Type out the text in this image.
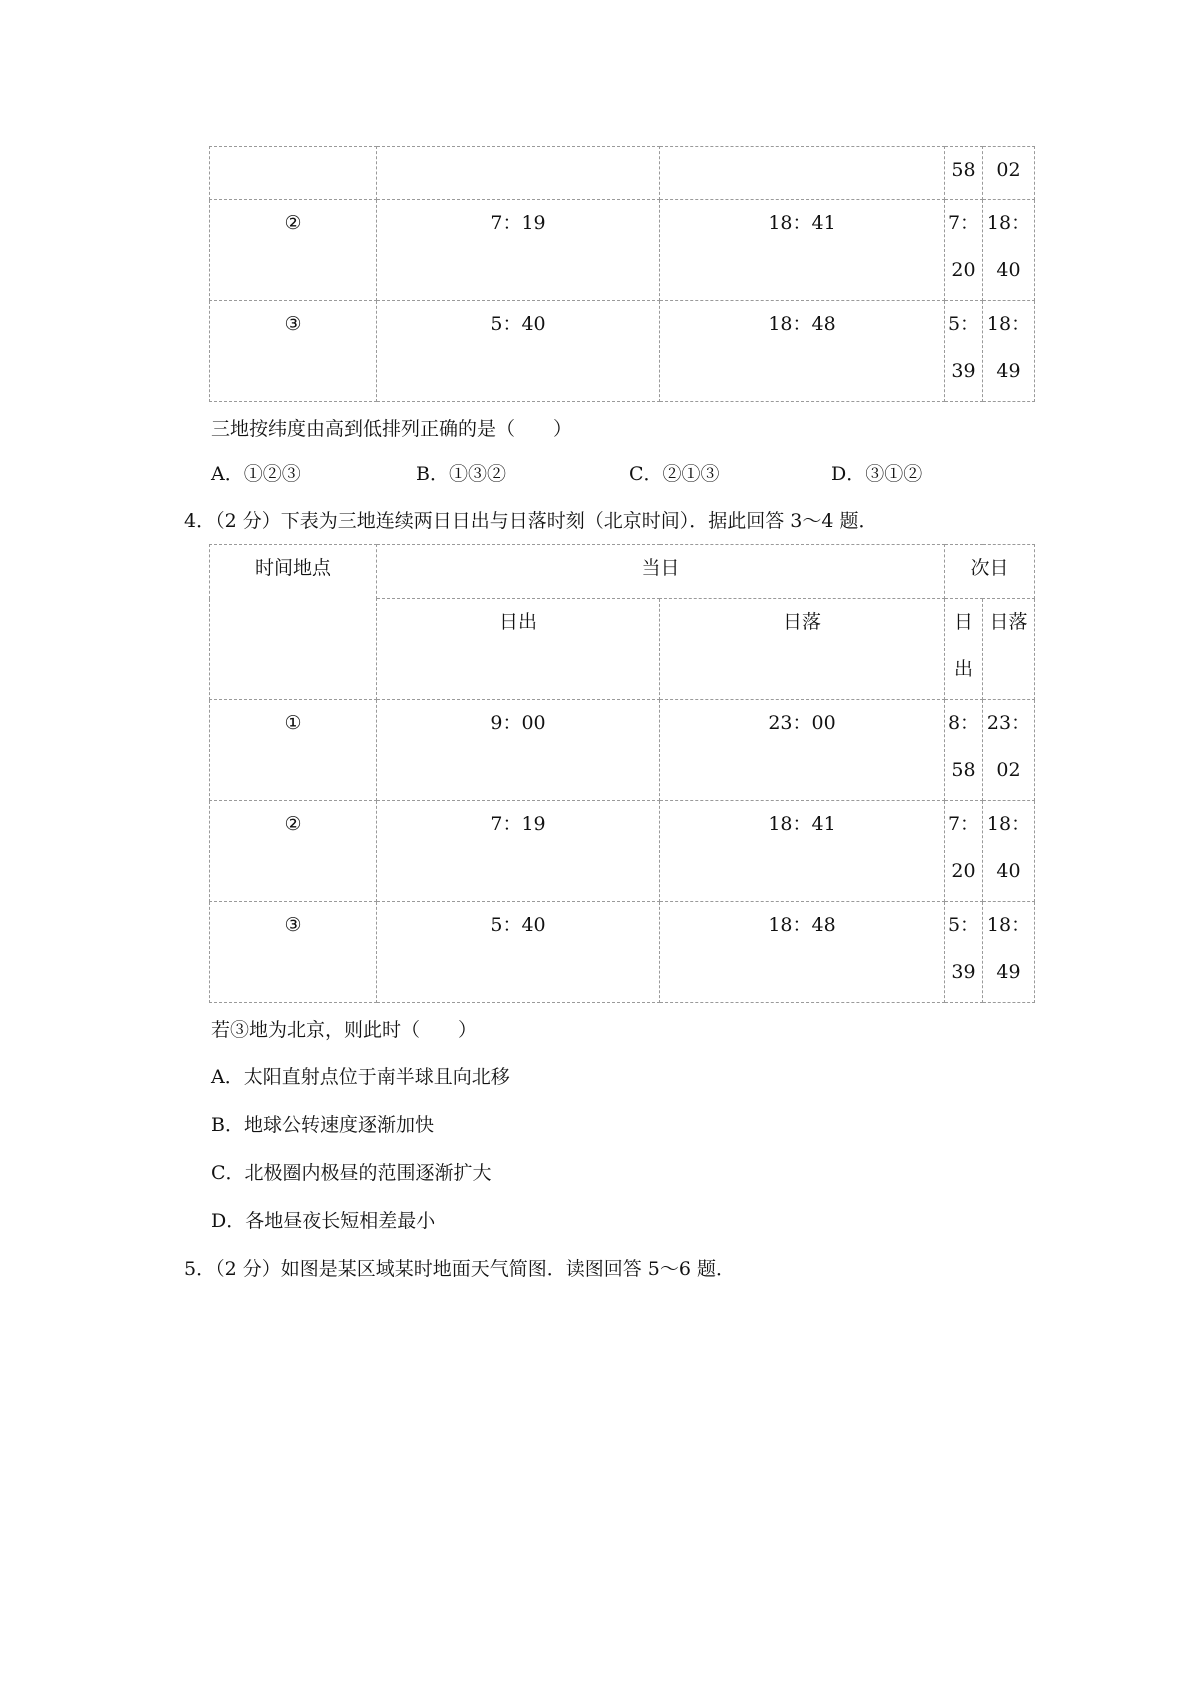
			58	02
②	7：19	18：41	7：20	18：40
③	5：40	18：48	5：39	18：49
三地按纬度由高到低排列正确的是（　　）
A．①②③	B．①③②	C．②①③	D．③①②
4．（2 分）下表为三地连续两日日出与日落时刻（北京时间）．据此回答 3～4 题．
时间地点	当日		次日	
	日出	日落	日出	日落
①	9：00	23：00	8：58	23：02
②	7：19	18：41	7：20	18：40
③	5：40	18：48	5：39	18：49
若③地为北京，则此时（　　）
A．太阳直射点位于南半球且向北移
B．地球公转速度逐渐加快
C．北极圈内极昼的范围逐渐扩大
D．各地昼夜长短相差最小
5．（2 分）如图是某区域某时地面天气简图．读图回答 5～6 题．
